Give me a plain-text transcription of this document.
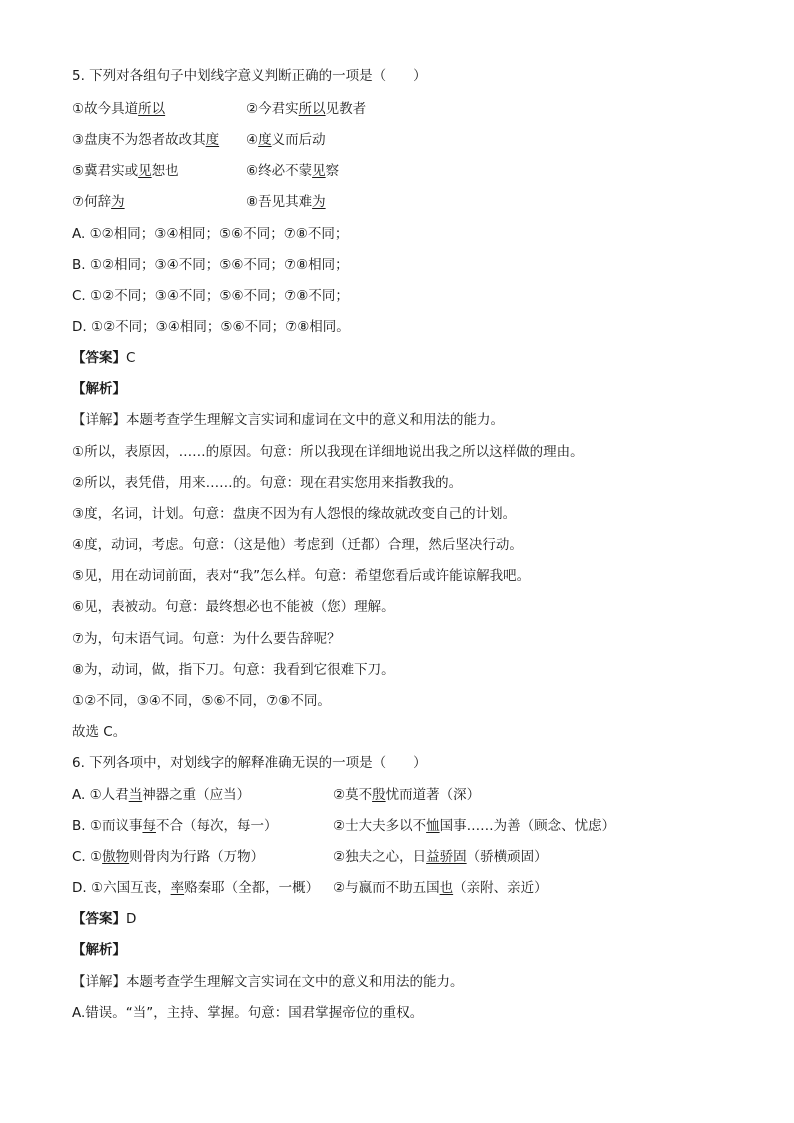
5. 下列对各组句子中划线字意义判断正确的一项是（　　）
①故今具道所以	②今君实所以见教者
③盘庚不为怨者故改其度 ④度义而后动
⑤冀君实或见恕也	⑥终必不蒙见察
⑦何辞为	⑧吾见其难为
A. ①②相同；③④相同；⑤⑥不同；⑦⑧不同；
B. ①②相同；③④不同；⑤⑥不同；⑦⑧相同；
C. ①②不同；③④不同；⑤⑥不同；⑦⑧不同；
D. ①②不同；③④相同；⑤⑥不同；⑦⑧相同。
【答案】C
【解析】
【详解】本题考查学生理解文言实词和虚词在文中的意义和用法的能力。
①所以，表原因，……的原因。句意：所以我现在详细地说出我之所以这样做的理由。
②所以，表凭借，用来……的。句意：现在君实您用来指教我的。
③度，名词，计划。句意：盘庚不因为有人怨恨的缘故就改变自己的计划。
④度，动词，考虑。句意：（这是他）考虑到（迁都）合理，然后坚决行动。
⑤见，用在动词前面，表对“我”怎么样。句意：希望您看后或许能谅解我吧。
⑥见，表被动。句意：最终想必也不能被（您）理解。
⑦为，句末语气词。句意：为什么要告辞呢？
⑧为，动词，做，指下刀。句意：我看到它很难下刀。
①②不同，③④不同，⑤⑥不同，⑦⑧不同。
故选 C。
6. 下列各项中，对划线字的解释准确无误的一项是（　　）
A. ①人君当神器之重（应当）	②莫不殷忧而道著（深）
B. ①而议事每不合（每次，每一）	②士大夫多以不恤国事……为善（顾念、忧虑）
C. ①傲物则骨肉为行路（万物）	②独夫之心，日益骄固（骄横顽固）
D. ①六国互丧，率赂秦耶（全都，一概） ②与嬴而不助五国也（亲附、亲近）
【答案】D
【解析】
【详解】本题考查学生理解文言实词在文中的意义和用法的能力。
A.错误。“当”，主持、掌握。句意：国君掌握帝位的重权。
